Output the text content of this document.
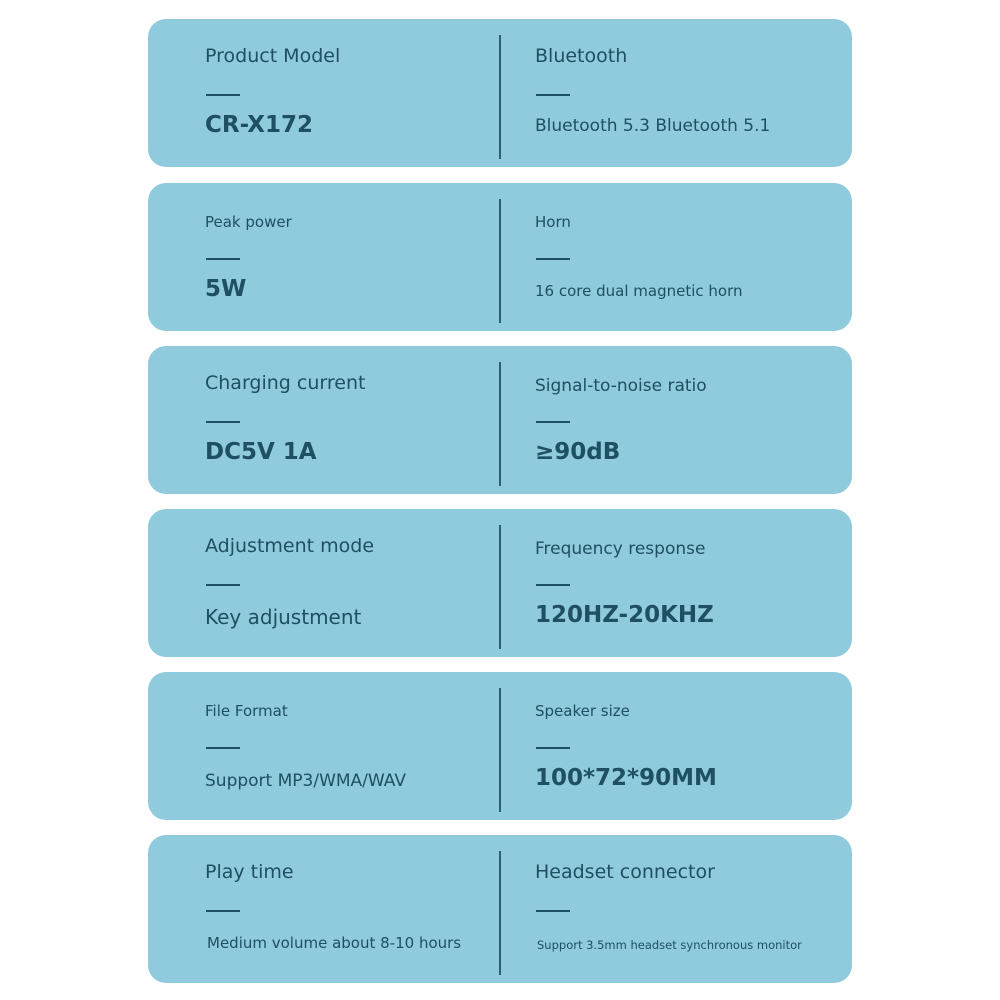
Product Model
CR-X172
Bluetooth
Bluetooth 5.3 Bluetooth 5.1
Peak power
5W
Horn
16 core dual magnetic horn
Charging current
DC5V 1A
Signal-to-noise ratio
≥90dB
Adjustment mode
Key adjustment
Frequency response
120HZ-20KHZ
File Format
Support MP3/WMA/WAV
Speaker size
100*72*90MM
Play time
Medium volume about 8-10 hours
Headset connector
Support 3.5mm headset synchronous monitor
